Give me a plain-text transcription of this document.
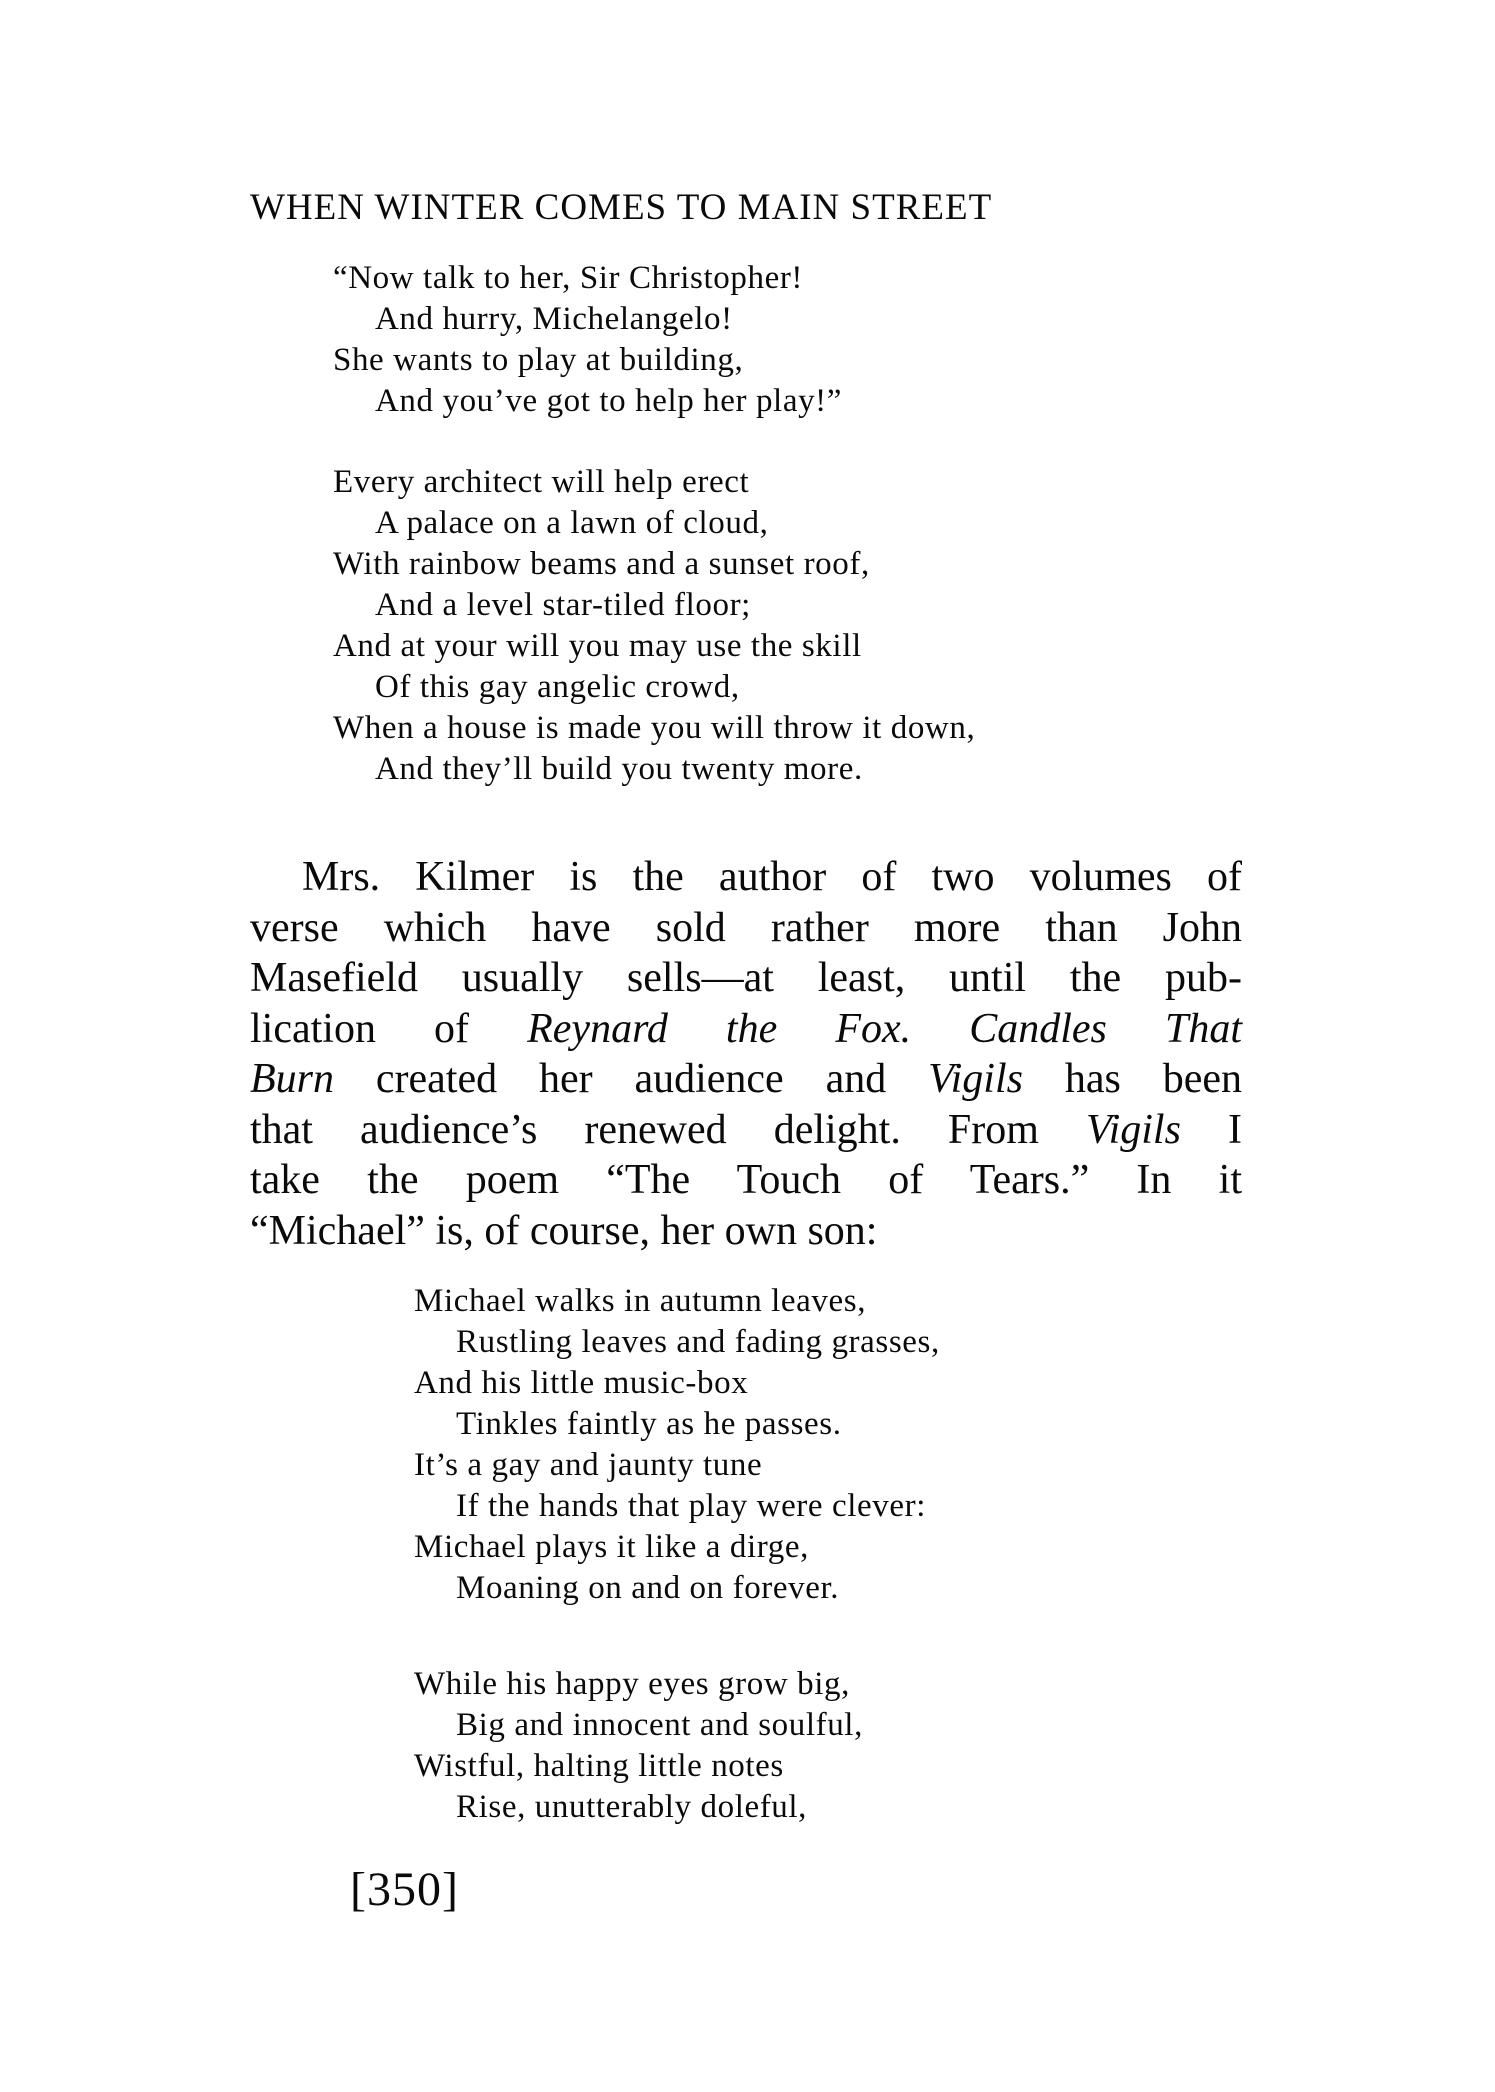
WHEN WINTER COMES TO MAIN STREET
“Now talk to her, Sir Christopher!
And hurry, Michelangelo!
She wants to play at building,
And you’ve got to help her play!”
Every architect will help erect
A palace on a lawn of cloud,
With rainbow beams and a sunset roof,
And a level star-tiled floor;
And at your will you may use the skill
Of this gay angelic crowd,
When a house is made you will throw it down,
And they’ll build you twenty more.

Mrs. Kilmer is the author of two volumes of
verse which have sold rather more than John
Masefield usually sells—at least, until the pub-
lication of Reynard the Fox. Candles That
Burn created her audience and Vigils has been
that audience’s renewed delight. From Vigils I
take the poem “The Touch of Tears.” In it
“Michael” is, of course, her own son:

Michael walks in autumn leaves,
Rustling leaves and fading grasses,
And his little music-box
Tinkles faintly as he passes.
It’s a gay and jaunty tune
If the hands that play were clever:
Michael plays it like a dirge,
Moaning on and on forever.
While his happy eyes grow big,
Big and innocent and soulful,
Wistful, halting little notes
Rise, unutterably doleful,

[350]
